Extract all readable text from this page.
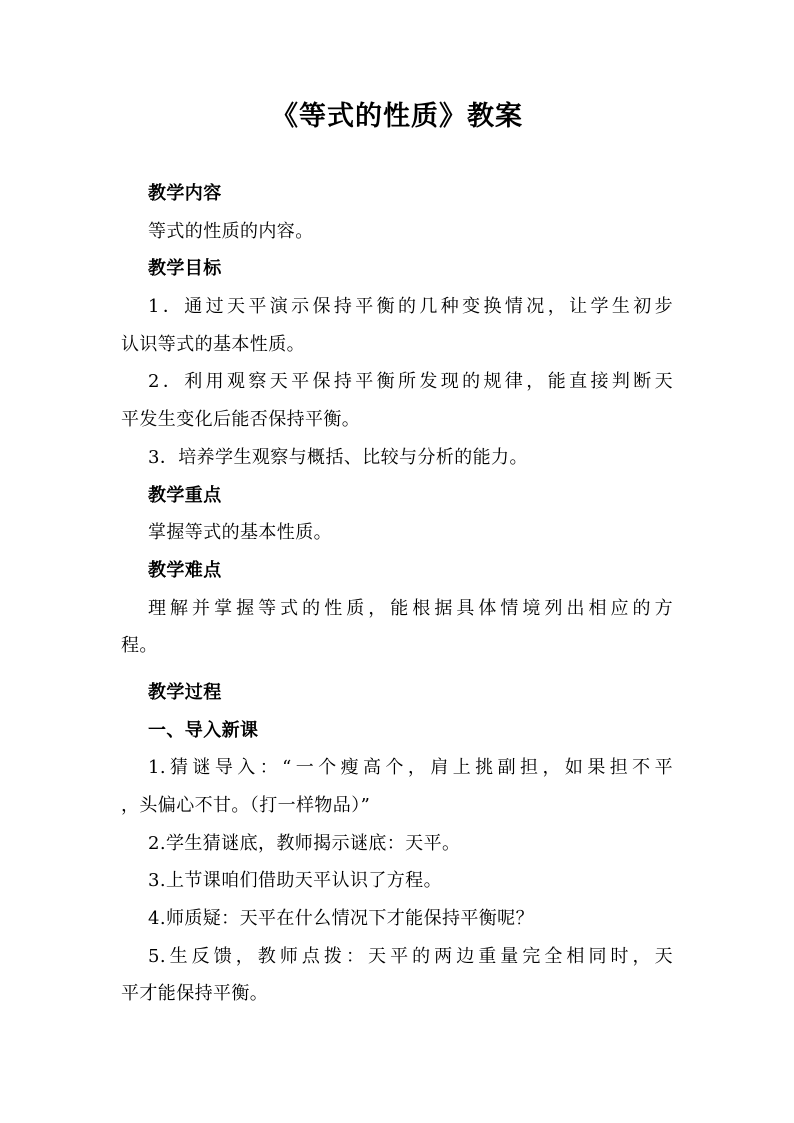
《等式的性质》教案
教学内容
等式的性质的内容。
教学目标
1．通过天平演示保持平衡的几种变换情况，让学生初步
认识等式的基本性质。
2．利用观察天平保持平衡所发现的规律，能直接判断天
平发生变化后能否保持平衡。
3．培养学生观察与概括、比较与分析的能力。
教学重点
掌握等式的基本性质。
教学难点
理解并掌握等式的性质，能根据具体情境列出相应的方
程。
教学过程
一、导入新课
1.猜谜导入：“一个瘦高个，肩上挑副担，如果担不平
，头偏心不甘。（打一样物品）”
2.学生猜谜底，教师揭示谜底：天平。
3.上节课咱们借助天平认识了方程。
4.师质疑：天平在什么情况下才能保持平衡呢？
5.生反馈，教师点拨：天平的两边重量完全相同时，天
平才能保持平衡。
